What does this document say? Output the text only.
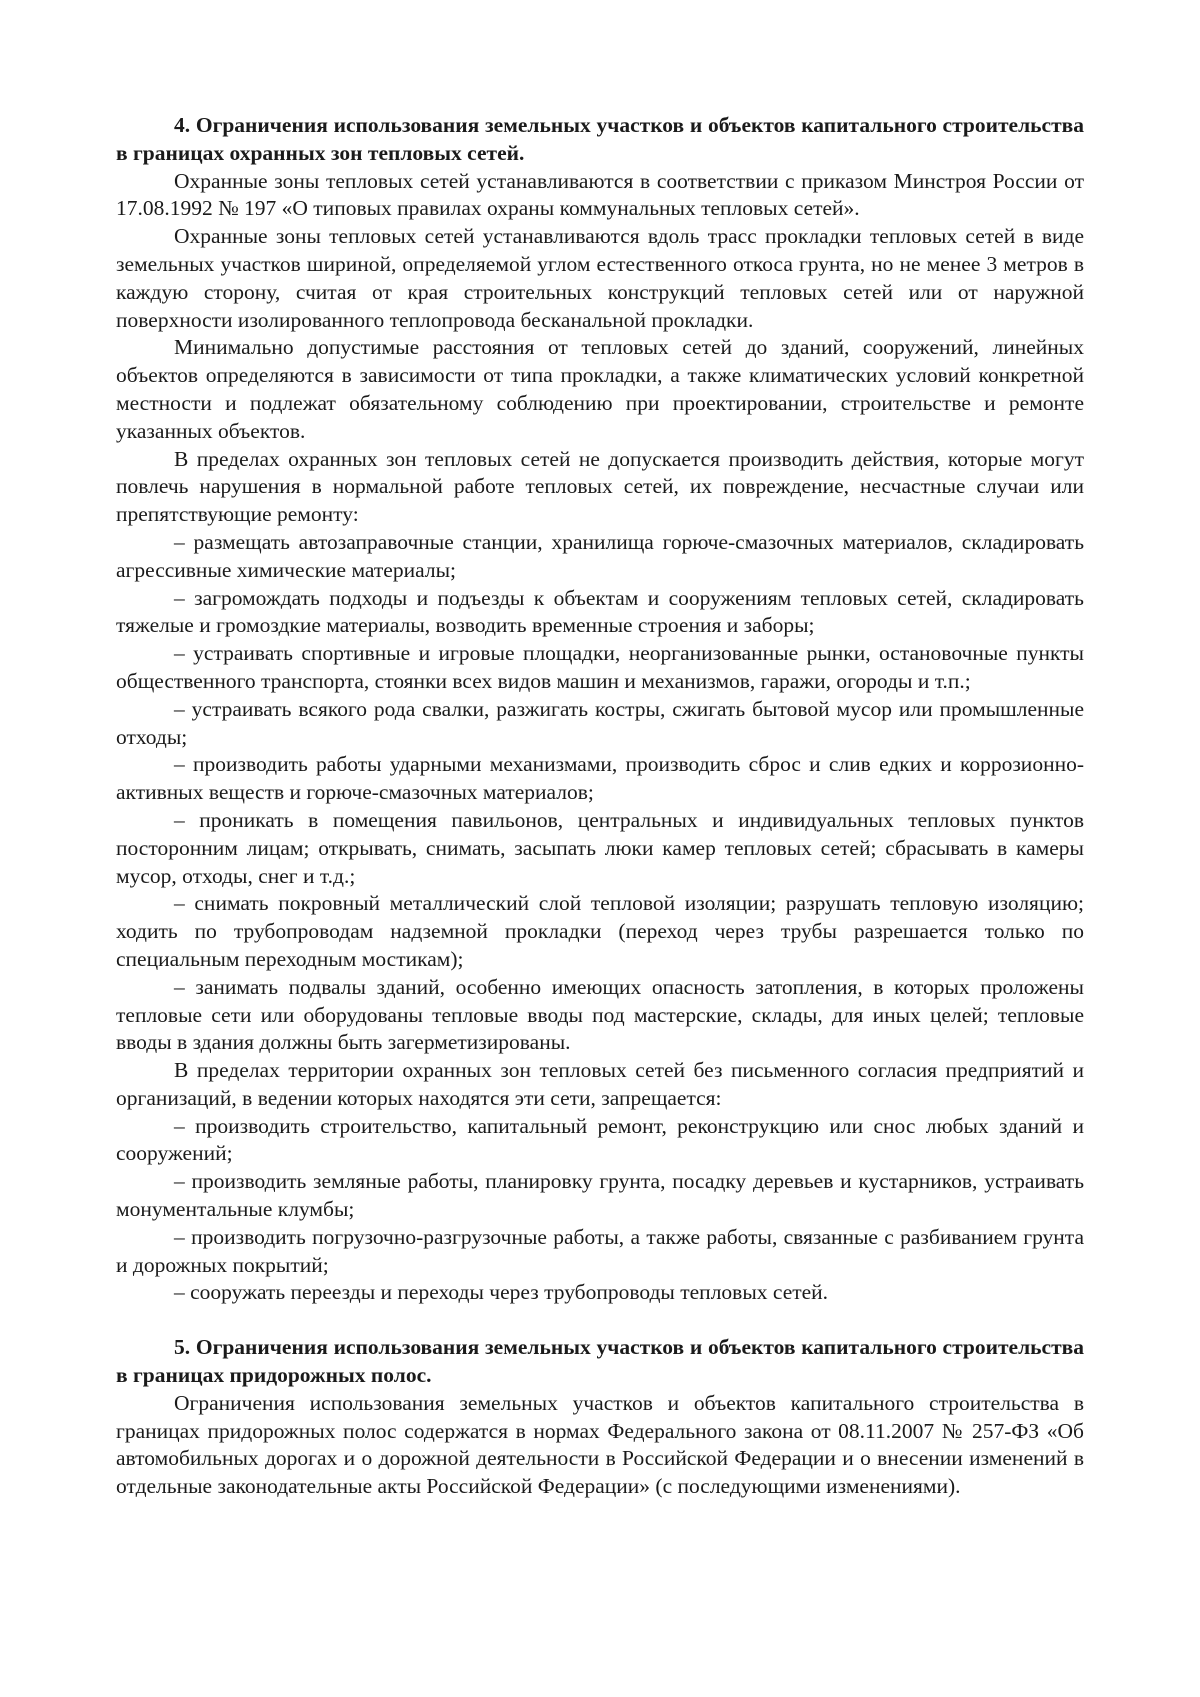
4. Ограничения использования земельных участков и объектов капитального строительства в границах охранных зон тепловых сетей.

Охранные зоны тепловых сетей устанавливаются в соответствии с приказом Минстроя России от 17.08.1992 № 197 «О типовых правилах охраны коммунальных тепловых сетей».

Охранные зоны тепловых сетей устанавливаются вдоль трасс прокладки тепловых сетей в виде земельных участков шириной, определяемой углом естественного откоса грунта, но не менее 3 метров в каждую сторону, считая от края строительных конструкций тепловых сетей или от наружной поверхности изолированного теплопровода бесканальной прокладки.

Минимально допустимые расстояния от тепловых сетей до зданий, сооружений, линейных объектов определяются в зависимости от типа прокладки, а также климатических условий конкретной местности и подлежат обязательному соблюдению при проектировании, строительстве и ремонте указанных объектов.

В пределах охранных зон тепловых сетей не допускается производить действия, которые могут повлечь нарушения в нормальной работе тепловых сетей, их повреждение, несчастные случаи или препятствующие ремонту:

– размещать автозаправочные станции, хранилища горюче-смазочных материалов, складировать агрессивные химические материалы;

– загромождать подходы и подъезды к объектам и сооружениям тепловых сетей, складировать тяжелые и громоздкие материалы, возводить временные строения и заборы;

– устраивать спортивные и игровые площадки, неорганизованные рынки, остановочные пункты общественного транспорта, стоянки всех видов машин и механизмов, гаражи, огороды и т.п.;

– устраивать всякого рода свалки, разжигать костры, сжигать бытовой мусор или промышленные отходы;

– производить работы ударными механизмами, производить сброс и слив едких и коррозионно-активных веществ и горюче-смазочных материалов;

– проникать в помещения павильонов, центральных и индивидуальных тепловых пунктов посторонним лицам; открывать, снимать, засыпать люки камер тепловых сетей; сбрасывать в камеры мусор, отходы, снег и т.д.;

– снимать покровный металлический слой тепловой изоляции; разрушать тепловую изоляцию; ходить по трубопроводам надземной прокладки (переход через трубы разрешается только по специальным переходным мостикам);

– занимать подвалы зданий, особенно имеющих опасность затопления, в которых проложены тепловые сети или оборудованы тепловые вводы под мастерские, склады, для иных целей; тепловые вводы в здания должны быть загерметизированы.

В пределах территории охранных зон тепловых сетей без письменного согласия предприятий и организаций, в ведении которых находятся эти сети, запрещается:

– производить строительство, капитальный ремонт, реконструкцию или снос любых зданий и сооружений;

– производить земляные работы, планировку грунта, посадку деревьев и кустарников, устраивать монументальные клумбы;

– производить погрузочно-разгрузочные работы, а также работы, связанные с разбиванием грунта и дорожных покрытий;

– сооружать переезды и переходы через трубопроводы тепловых сетей.

5. Ограничения использования земельных участков и объектов капитального строительства в границах придорожных полос.

Ограничения использования земельных участков и объектов капитального строительства в границах придорожных полос содержатся в нормах Федерального закона от 08.11.2007 № 257-ФЗ «Об автомобильных дорогах и о дорожной деятельности в Российской Федерации и о внесении изменений в отдельные законодательные акты Российской Федерации» (с последующими изменениями).
